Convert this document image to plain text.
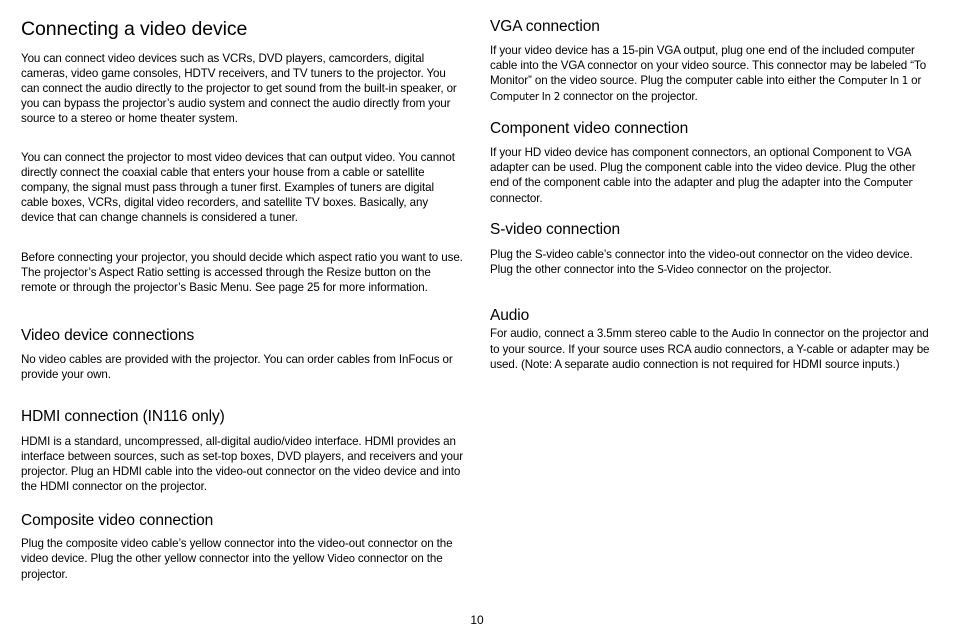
Connecting a video device

You can connect video devices such as VCRs, DVD players, camcorders, digital cameras, video game consoles, HDTV receivers, and TV tuners to the projector. You can connect the audio directly to the projector to get sound from the built-in speaker, or you can bypass the projector’s audio system and connect the audio directly from your source to a stereo or home theater system.

You can connect the projector to most video devices that can output video. You cannot directly connect the coaxial cable that enters your house from a cable or satellite company, the signal must pass through a tuner first. Examples of tuners are digital cable boxes, VCRs, digital video recorders, and satellite TV boxes. Basically, any device that can change channels is considered a tuner.

Before connecting your projector, you should decide which aspect ratio you want to use. The projector’s Aspect Ratio setting is accessed through the Resize button on the remote or through the projector’s Basic Menu. See page 25 for more information.

Video device connections

No video cables are provided with the projector. You can order cables from InFocus or provide your own.

HDMI connection (IN116 only)

HDMI is a standard, uncompressed, all-digital audio/video interface. HDMI provides an interface between sources, such as set-top boxes, DVD players, and receivers and your projector. Plug an HDMI cable into the video-out connector on the video device and into the HDMI connector on the projector.

Composite video connection

Plug the composite video cable’s yellow connector into the video-out connector on the video device. Plug the other yellow connector into the yellow Video connector on the projector.

VGA connection

If your video device has a 15-pin VGA output, plug one end of the included computer cable into the VGA connector on your video source. This connector may be labeled “To Monitor” on the video source. Plug the computer cable into either the Computer In 1 or Computer In 2 connector on the projector.

Component video connection

If your HD video device has component connectors, an optional Component to VGA adapter can be used. Plug the component cable into the video device. Plug the other end of the component cable into the adapter and plug the adapter into the Computer connector.

S-video connection

Plug the S-video cable’s connector into the video-out connector on the video device. Plug the other connector into the S-Video connector on the projector.

Audio

For audio, connect a 3.5mm stereo cable to the Audio In connector on the projector and to your source. If your source uses RCA audio connectors, a Y-cable or adapter may be used. (Note: A separate audio connection is not required for HDMI source inputs.)

10
